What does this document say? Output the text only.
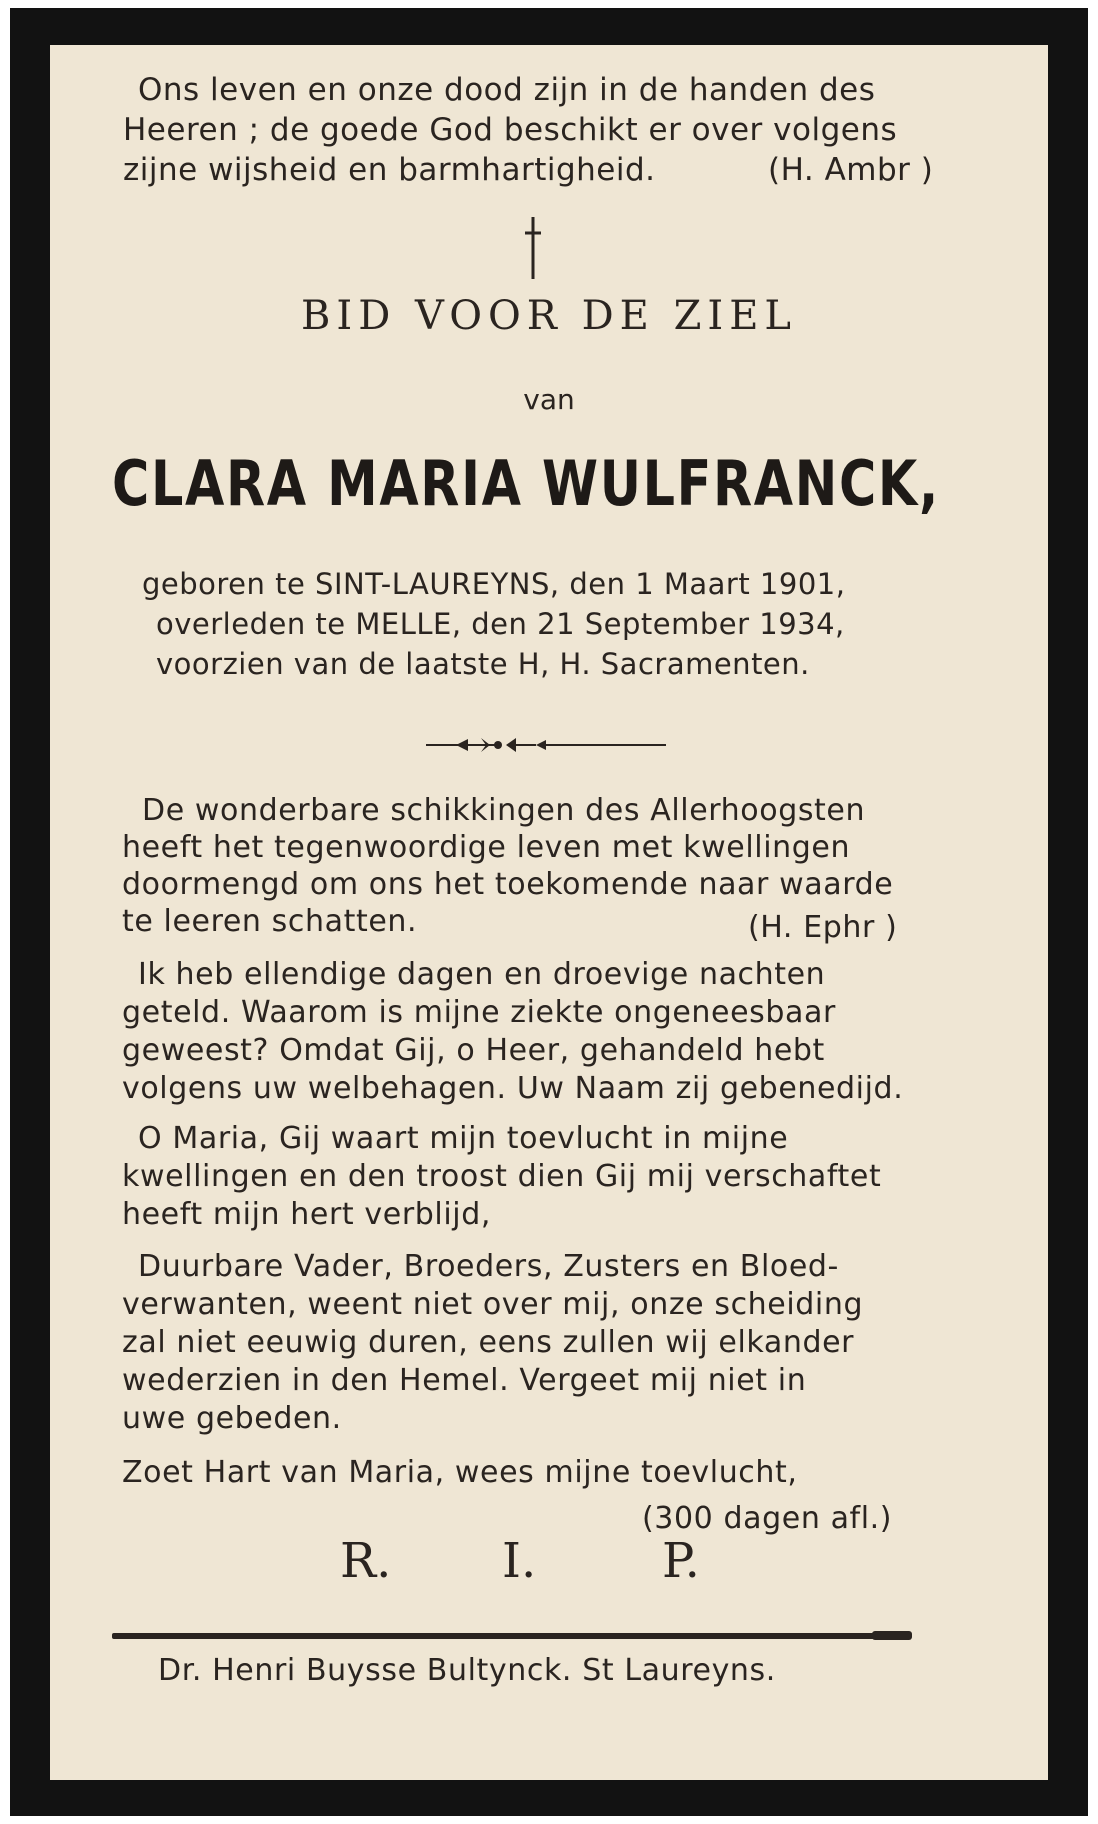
Ons leven en onze dood zijn in de handen des
Heeren ; de goede God beschikt er over volgens
zijne wijsheid en barmhartigheid.	(H. Ambr )
BID VOOR DE ZIEL
van
CLARA MARIA WULFRANCK,
geboren te SINT-LAUREYNS, den 1 Maart 1901,
overleden te MELLE, den 21 September 1934,
voorzien van de laatste H, H. Sacramenten.
De wonderbare schikkingen des Allerhoogsten
heeft het tegenwoordige leven met kwellingen
doormengd om ons het toekomende naar waarde
te leeren schatten.	(H. Ephr )
Ik heb ellendige dagen en droevige nachten
geteld. Waarom is mijne ziekte ongeneesbaar
geweest? Omdat Gij, o Heer, gehandeld hebt
volgens uw welbehagen. Uw Naam zij gebenedijd.
O Maria, Gij waart mijn toevlucht in mijne
kwellingen en den troost dien Gij mij verschaftet
heeft mijn hert verblijd,
Duurbare Vader, Broeders, Zusters en Bloed-
verwanten, weent niet over mij, onze scheiding
zal niet eeuwig duren, eens zullen wij elkander
wederzien in den Hemel. Vergeet mij niet in
uwe gebeden.
Zoet Hart van Maria, wees mijne toevlucht,
(300 dagen afl.)
R. I.	P.
Dr. Henri Buysse Bultynck. St Laureyns.
